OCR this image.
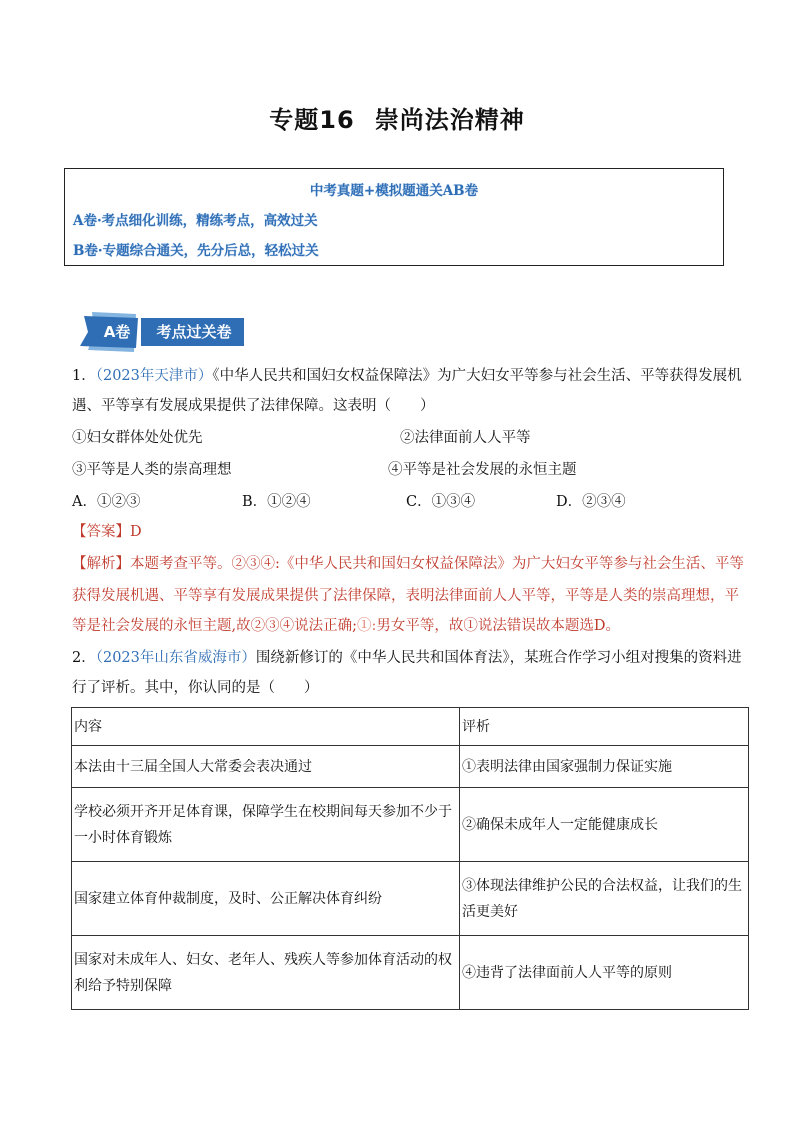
专题16 崇尚法治精神
中考真题+模拟题通关AB卷
A卷·考点细化训练，精练考点，高效过关
B卷·专题综合通关，先分后总，轻松过关
A卷	考点过关卷
1．（2023年天津市）《中华人民共和国妇女权益保障法》为广大妇女平等参与社会生活、平等获得发展机
遇、平等享有发展成果提供了法律保障。这表明（　　）
①妇女群体处处优先	②法律面前人人平等
③平等是人类的崇高理想	④平等是社会发展的永恒主题
A．①②③	B．①②④	C．①③④	D．②③④
【答案】D
【解析】本题考查平等。②③④:《中华人民共和国妇女权益保障法》为广大妇女平等参与社会生活、平等
获得发展机遇、平等享有发展成果提供了法律保障，表明法律面前人人平等，平等是人类的崇高理想，平
等是社会发展的永恒主题,故②③④说法正确;①:男女平等，故①说法错误故本题选D。
2．（2023年山东省威海市）围绕新修订的《中华人民共和国体育法》，某班合作学习小组对搜集的资料进
行了评析。其中，你认同的是（　　）
内容	评析
本法由十三届全国人大常委会表决通过	①表明法律由国家强制力保证实施
学校必须开齐开足体育课，保障学生在校期间每天参加不少于一小时体育锻炼	②确保未成年人一定能健康成长
国家建立体育仲裁制度，及时、公正解决体育纠纷	③体现法律维护公民的合法权益，让我们的生活更美好
国家对未成年人、妇女、老年人、残疾人等参加体育活动的权利给予特别保障	④违背了法律面前人人平等的原则
